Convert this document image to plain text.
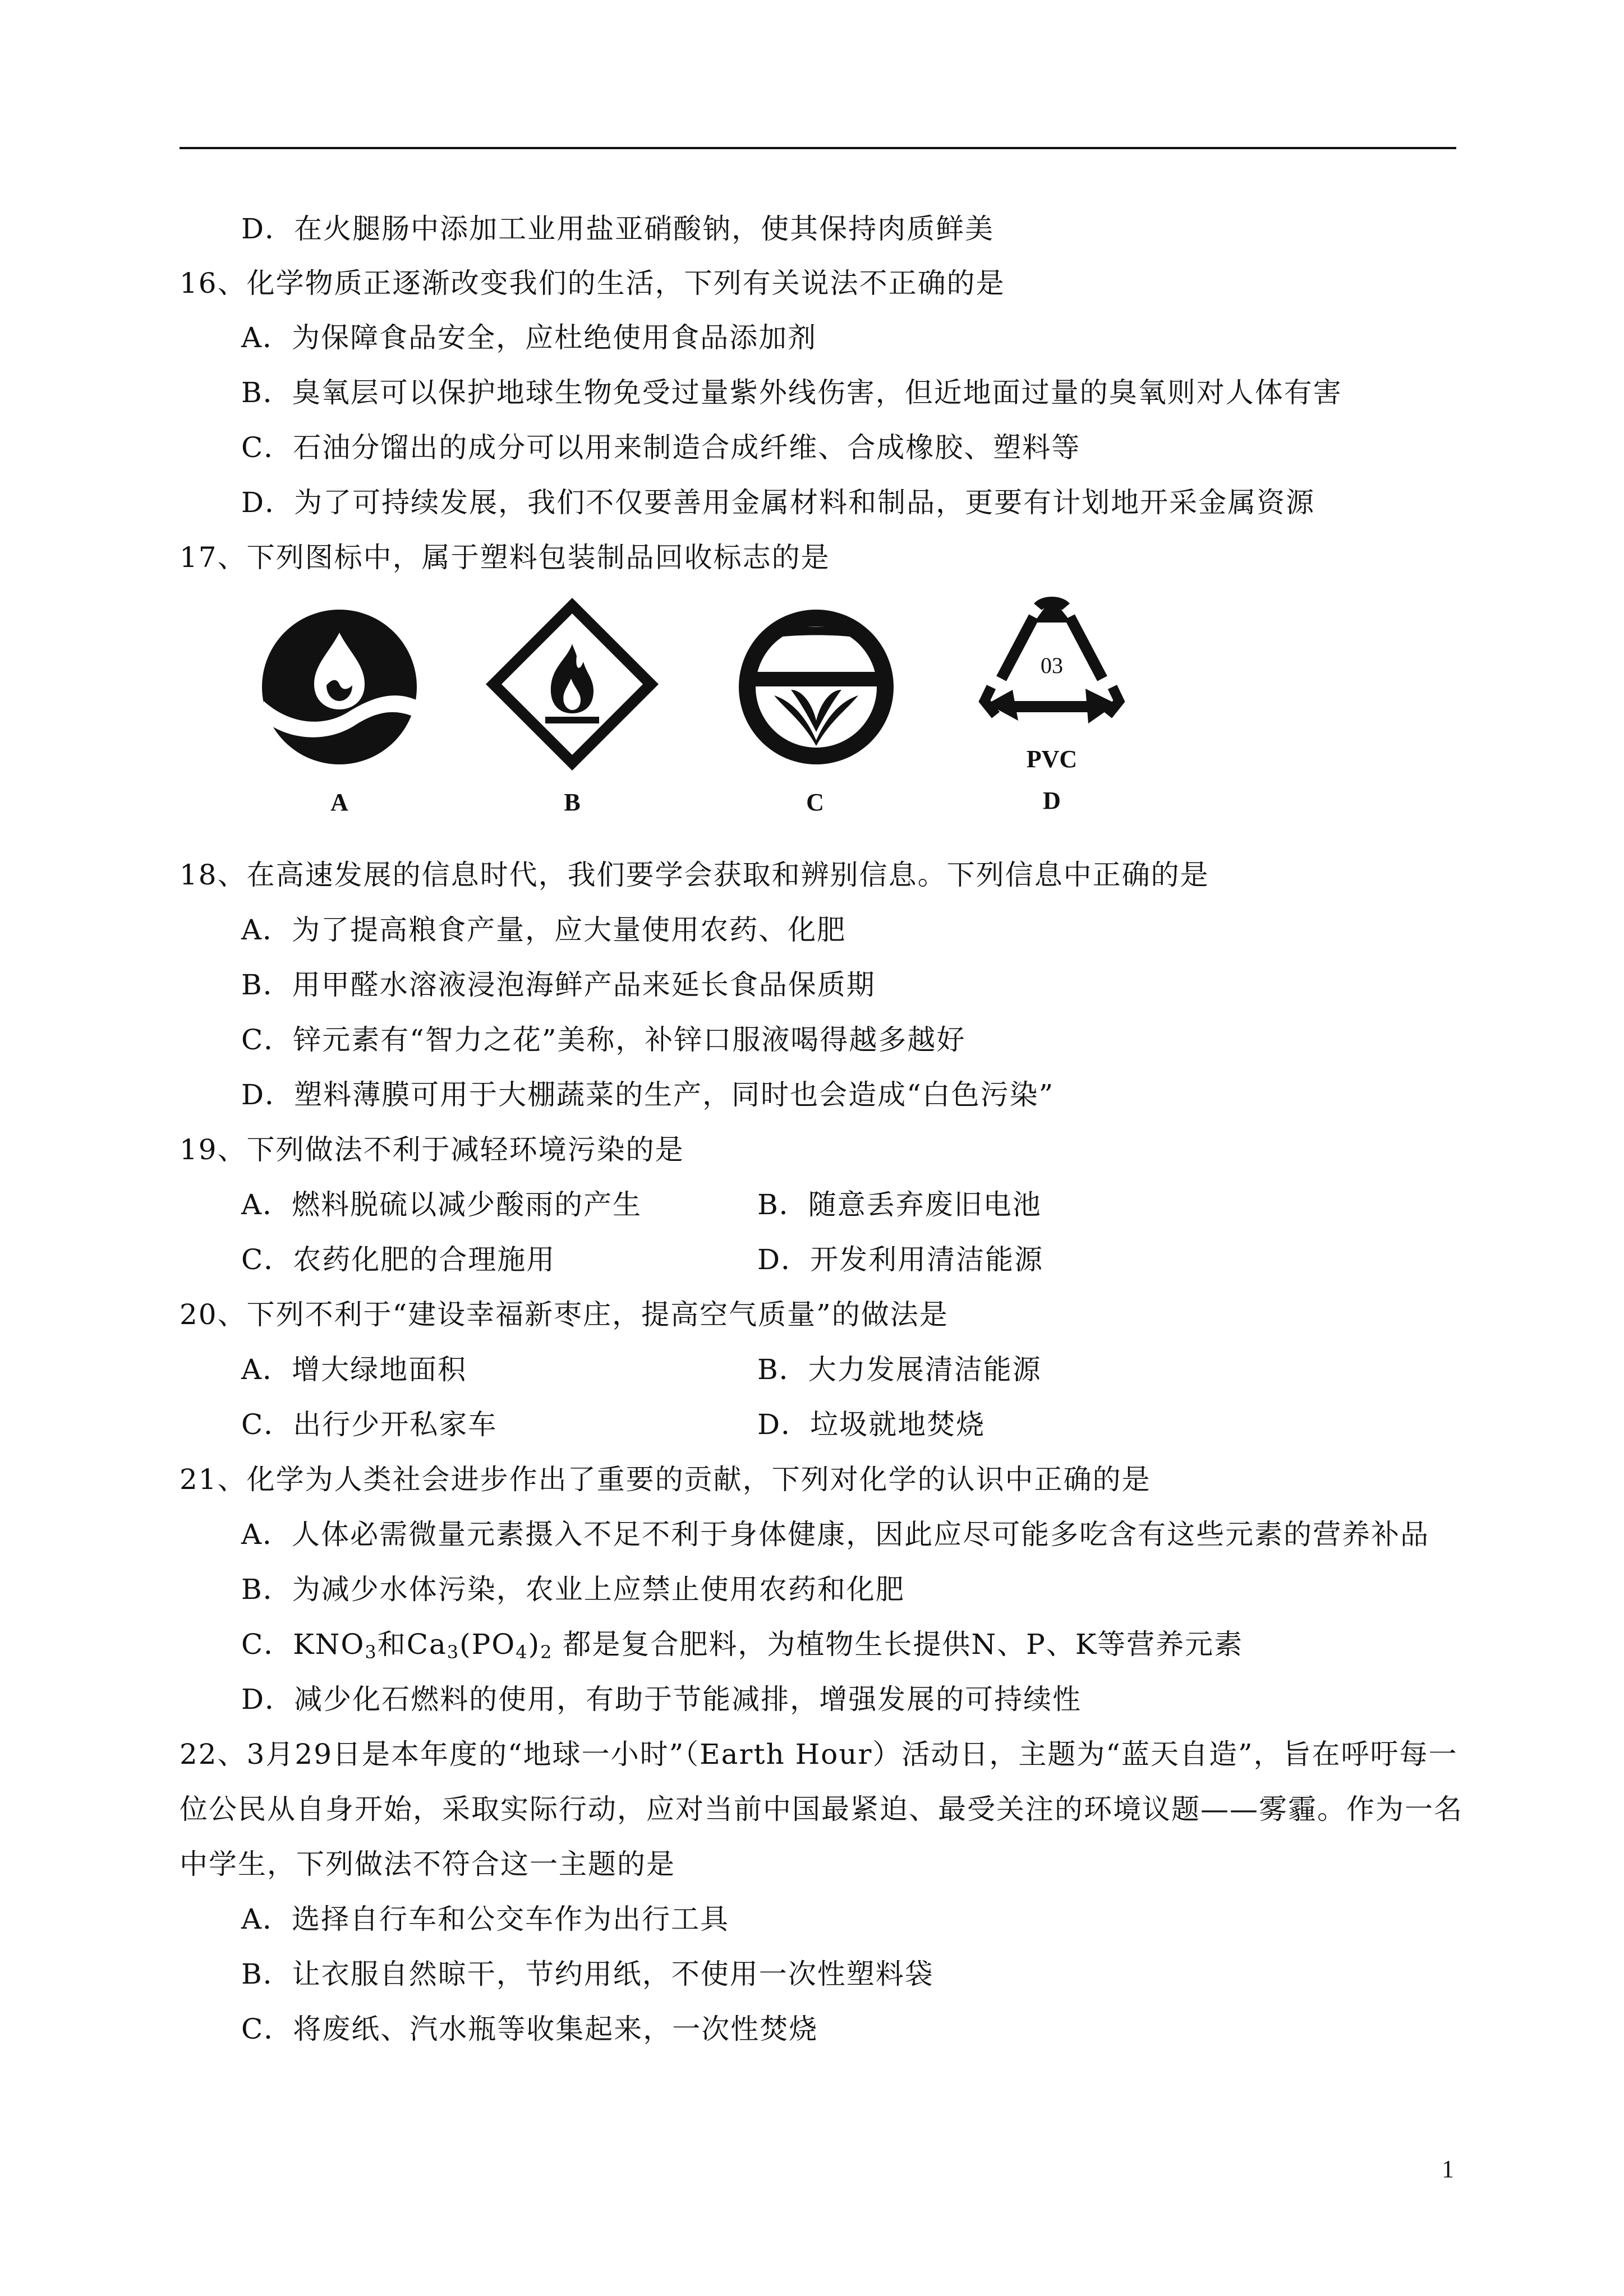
D．在火腿肠中添加工业用盐亚硝酸钠，使其保持肉质鲜美
16、化学物质正逐渐改变我们的生活，下列有关说法不正确的是
A．为保障食品安全，应杜绝使用食品添加剂
B．臭氧层可以保护地球生物免受过量紫外线伤害，但近地面过量的臭氧则对人体有害
C．石油分馏出的成分可以用来制造合成纤维、合成橡胶、塑料等
D．为了可持续发展，我们不仅要善用金属材料和制品，更要有计划地开采金属资源
17、下列图标中，属于塑料包装制品回收标志的是
A	B	C
03
PVC
D
18、在高速发展的信息时代，我们要学会获取和辨别信息。下列信息中正确的是
A．为了提高粮食产量，应大量使用农药、化肥
B．用甲醛水溶液浸泡海鲜产品来延长食品保质期
C．锌元素有“智力之花”美称，补锌口服液喝得越多越好
D．塑料薄膜可用于大棚蔬菜的生产，同时也会造成“白色污染”
19、下列做法不利于减轻环境污染的是
A．燃料脱硫以减少酸雨的产生	B．随意丢弃废旧电池
C．农药化肥的合理施用	D．开发利用清洁能源
20、下列不利于“建设幸福新枣庄，提高空气质量”的做法是
A．增大绿地面积	B．大力发展清洁能源
C．出行少开私家车	D．垃圾就地焚烧
21、化学为人类社会进步作出了重要的贡献，下列对化学的认识中正确的是
A．人体必需微量元素摄入不足不利于身体健康，因此应尽可能多吃含有这些元素的营养补品
B．为减少水体污染，农业上应禁止使用农药和化肥
C．$KNO_3$和$Ca_3(PO_4)_2$ 都是复合肥料，为植物生长提供N、P、K等营养元素
D．减少化石燃料的使用，有助于节能减排，增强发展的可持续性
22、3月29日是本年度的“地球一小时”（Earth Hour）活动日，主题为“蓝天自造”，旨在呼吁每一
位公民从自身开始，采取实际行动，应对当前中国最紧迫、最受关注的环境议题——雾霾。作为一名
中学生，下列做法不符合这一主题的是
A．选择自行车和公交车作为出行工具
B．让衣服自然晾干，节约用纸，不使用一次性塑料袋
C．将废纸、汽水瓶等收集起来，一次性焚烧
1
